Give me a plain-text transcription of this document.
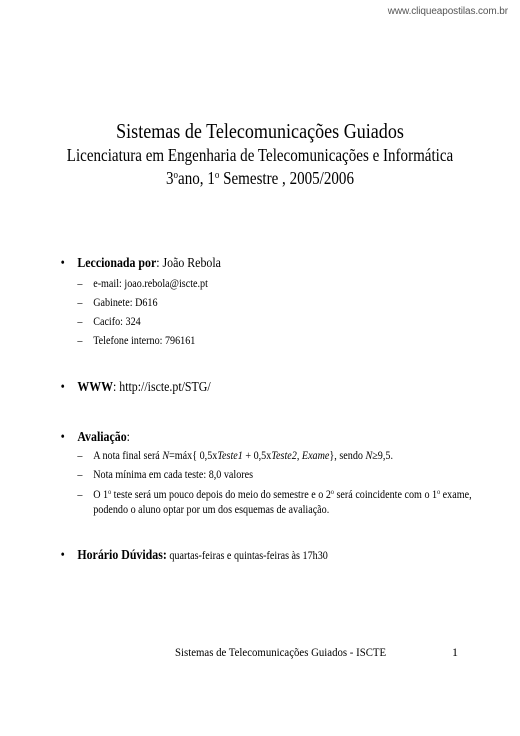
www.cliqueapostilas.com.br
Sistemas de Telecomunicações Guiados
Licenciatura em Engenharia de Telecomunicações e Informática
3$^o$ano, 1$^o$ Semestre , 2005/2006
• Leccionada por: João Rebola
– e-mail: joao.rebola@iscte.pt
– Gabinete: D616
– Cacifo: 324
– Telefone interno: 796161
• WWW: http://iscte.pt/STG/
• Avaliação:
– A nota final será N=máx{ 0,5xTeste1 + 0,5xTeste2, Exame}, sendo N≥9,5.
– Nota mínima em cada teste: 8,0 valores
– O 1$^o$ teste será um pouco depois do meio do semestre e o 2$^o$ será coincidente com o 1$^o$ exame, podendo o aluno optar por um dos esquemas de avaliação.
• Horário Dúvidas: quartas-feiras e quintas-feiras às 17h30
Sistemas de Telecomunicações Guiados - ISCTE	1
